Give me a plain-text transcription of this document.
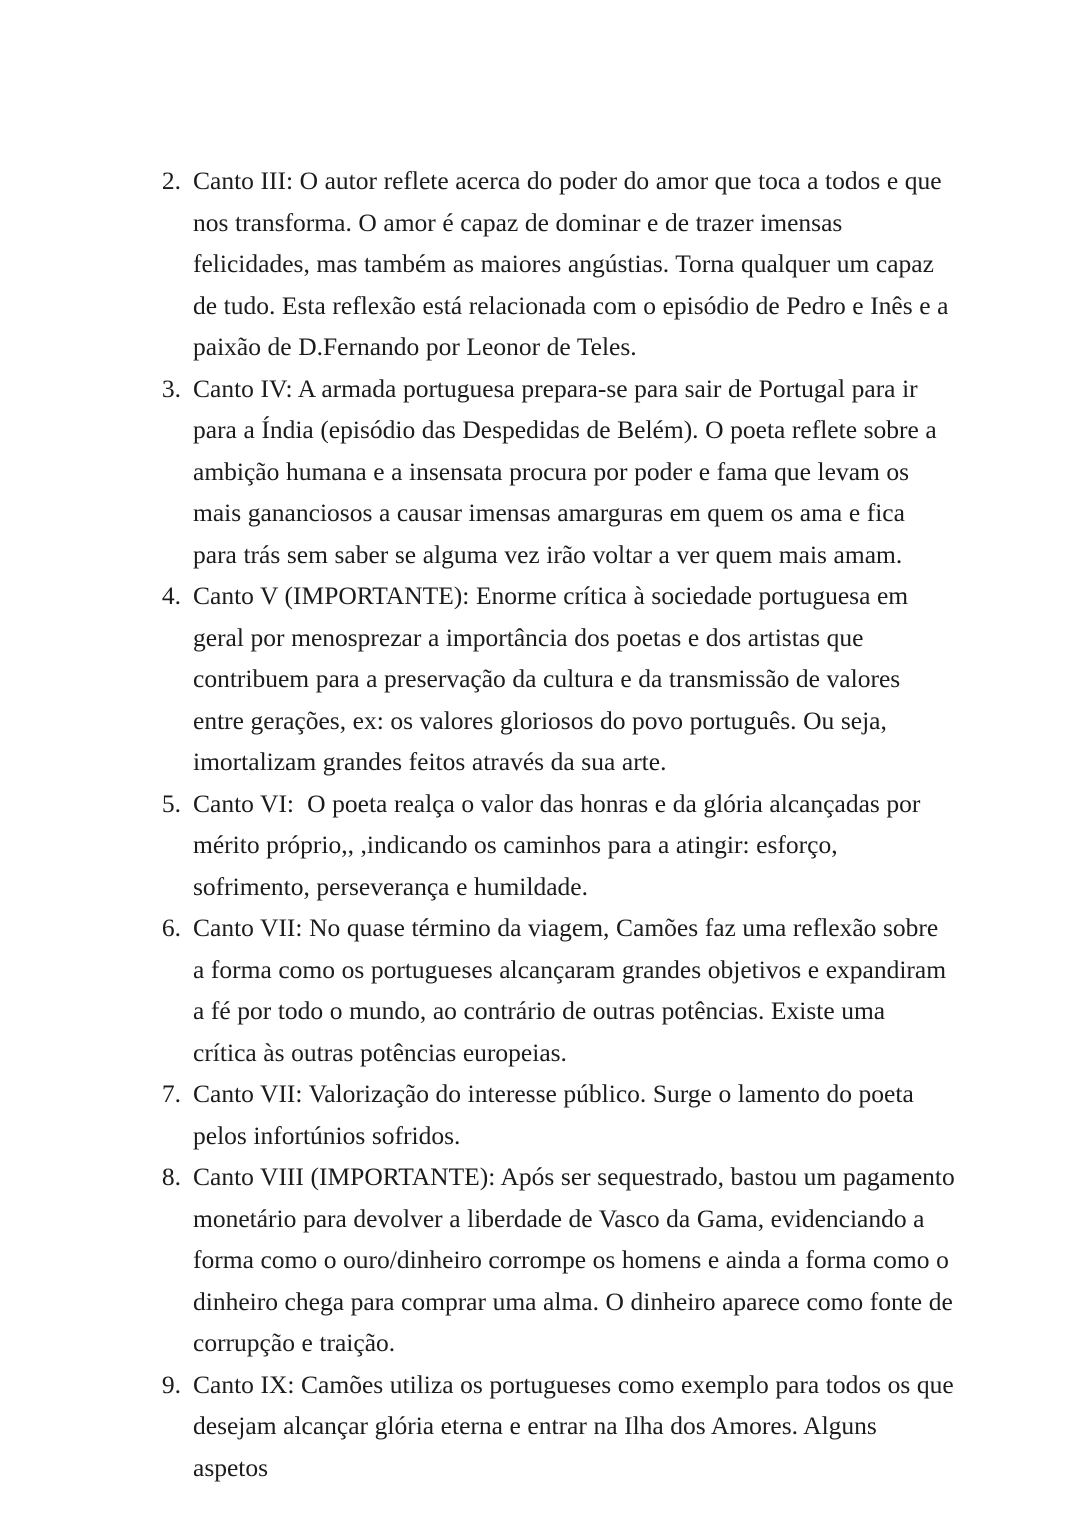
2. Canto III: O autor reflete acerca do poder do amor que toca a todos e que nos transforma. O amor é capaz de dominar e de trazer imensas felicidades, mas também as maiores angústias. Torna qualquer um capaz de tudo. Esta reflexão está relacionada com o episódio de Pedro e Inês e a paixão de D.Fernando por Leonor de Teles.
3. Canto IV: A armada portuguesa prepara-se para sair de Portugal para ir para a Índia (episódio das Despedidas de Belém). O poeta reflete sobre a ambição humana e a insensata procura por poder e fama que levam os mais gananciosos a causar imensas amarguras em quem os ama e fica para trás sem saber se alguma vez irão voltar a ver quem mais amam.
4. Canto V (IMPORTANTE): Enorme crítica à sociedade portuguesa em geral por menosprezar a importância dos poetas e dos artistas que contribuem para a preservação da cultura e da transmissão de valores entre gerações, ex: os valores gloriosos do povo português. Ou seja, imortalizam grandes feitos através da sua arte.
5. Canto VI:  O poeta realça o valor das honras e da glória alcançadas por mérito próprio,, ,indicando os caminhos para a atingir: esforço, sofrimento, perseverança e humildade.
6. Canto VII: No quase término da viagem, Camões faz uma reflexão sobre a forma como os portugueses alcançaram grandes objetivos e expandiram a fé por todo o mundo, ao contrário de outras potências. Existe uma crítica às outras potências europeias.
7. Canto VII: Valorização do interesse público. Surge o lamento do poeta pelos infortúnios sofridos.
8. Canto VIII (IMPORTANTE): Após ser sequestrado, bastou um pagamento monetário para devolver a liberdade de Vasco da Gama, evidenciando a forma como o ouro/dinheiro corrompe os homens e ainda a forma como o dinheiro chega para comprar uma alma. O dinheiro aparece como fonte de corrupção e traição.
9. Canto IX: Camões utiliza os portugueses como exemplo para todos os que desejam alcançar glória eterna e entrar na Ilha dos Amores. Alguns aspetos
